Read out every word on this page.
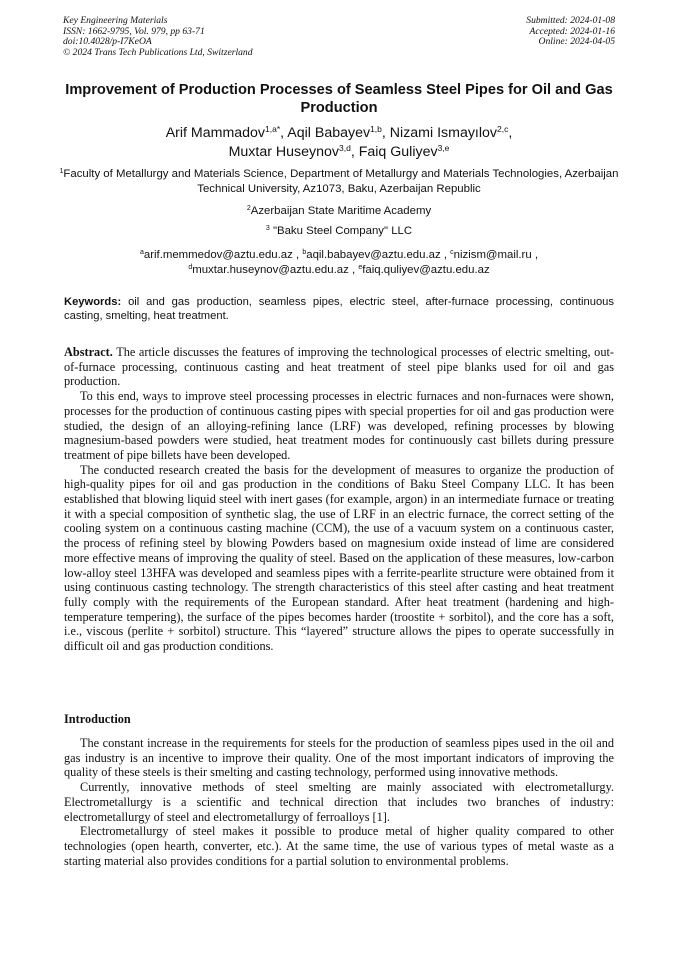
Key Engineering Materials
ISSN: 1662-9795, Vol. 979, pp 63-71
doi:10.4028/p-I7KeOA
© 2024 Trans Tech Publications Ltd, Switzerland
Submitted: 2024-01-08
Accepted: 2024-01-16
Online: 2024-04-05
Improvement of Production Processes of Seamless Steel Pipes for Oil and Gas Production
Arif Mammadov$^{1,a*}$, Aqil Babayev$^{1,b}$, Nizami Ismayılov$^{2,c}$,
Muxtar Huseynov$^{3,d}$, Faiq Guliyev$^{3,e}$
$^1$Faculty of Metallurgy and Materials Science, Department of Metallurgy and Materials Technologies, Azerbaijan Technical University, Az1073, Baku, Azerbaijan Republic
$^2$Azerbaijan State Maritime Academy
$^3$ "Baku Steel Company" LLC
$^a$arif.memmedov@aztu.edu.az , $^b$aqil.babayev@aztu.edu.az , $^c$nizism@mail.ru ,
$^d$muxtar.huseynov@aztu.edu.az , $^e$faiq.quliyev@aztu.edu.az
Keywords: oil and gas production, seamless pipes, electric steel, after-furnace processing, continuous casting, smelting, heat treatment.

Abstract. The article discusses the features of improving the technological processes of electric smelting, out-of-furnace processing, continuous casting and heat treatment of steel pipe blanks used for oil and gas production.

To this end, ways to improve steel processing processes in electric furnaces and non-furnaces were shown, processes for the production of continuous casting pipes with special properties for oil and gas production were studied, the design of an alloying-refining lance (LRF) was developed, refining processes by blowing magnesium-based powders were studied, heat treatment modes for continuously cast billets during pressure treatment of pipe billets have been developed.

The conducted research created the basis for the development of measures to organize the production of high-quality pipes for oil and gas production in the conditions of Baku Steel Company LLC. It has been established that blowing liquid steel with inert gases (for example, argon) in an intermediate furnace or treating it with a special composition of synthetic slag, the use of LRF in an electric furnace, the correct setting of the cooling system on a continuous casting machine (CCM), the use of a vacuum system on a continuous caster, the process of refining steel by blowing Powders based on magnesium oxide instead of lime are considered more effective means of improving the quality of steel. Based on the application of these measures, low-carbon low-alloy steel 13HFA was developed and seamless pipes with a ferrite-pearlite structure were obtained from it using continuous casting technology. The strength characteristics of this steel after casting and heat treatment fully comply with the requirements of the European standard. After heat treatment (hardening and high-temperature tempering), the surface of the pipes becomes harder (troostite + sorbitol), and the core has a soft, i.e., viscous (perlite + sorbitol) structure. This “layered” structure allows the pipes to operate successfully in difficult oil and gas production conditions.

Introduction

The constant increase in the requirements for steels for the production of seamless pipes used in the oil and gas industry is an incentive to improve their quality. One of the most important indicators of improving the quality of these steels is their smelting and casting technology, performed using innovative methods.

Currently, innovative methods of steel smelting are mainly associated with electrometallurgy. Electrometallurgy is a scientific and technical direction that includes two branches of industry: electrometallurgy of steel and electrometallurgy of ferroalloys [1].

Electrometallurgy of steel makes it possible to produce metal of higher quality compared to other technologies (open hearth, converter, etc.). At the same time, the use of various types of metal waste as a starting material also provides conditions for a partial solution to environmental problems.
